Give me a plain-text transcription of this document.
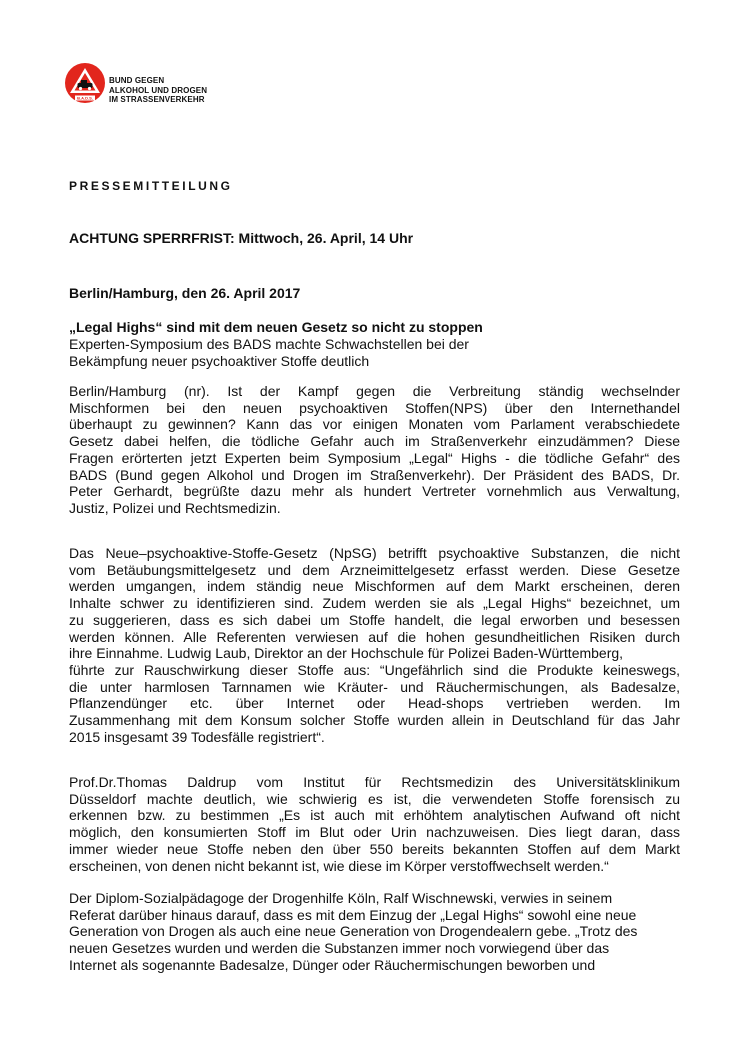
B.A.D.S.
BUND GEGEN
ALKOHOL UND DROGEN
IM STRASSENVERKEHR
PRESSEMITTEILUNG
ACHTUNG SPERRFRIST: Mittwoch, 26. April, 14 Uhr
Berlin/Hamburg, den 26. April 2017
„Legal Highs“ sind mit dem neuen Gesetz so nicht zu stoppen
Experten-Symposium des BADS machte Schwachstellen bei der
Bekämpfung neuer psychoaktiver Stoffe deutlich
Berlin/Hamburg (nr). Ist der Kampf gegen die Verbreitung ständig wechselnder
Mischformen bei den neuen psychoaktiven Stoffen(NPS) über den Internethandel
überhaupt zu gewinnen? Kann das vor einigen Monaten vom Parlament verabschiedete
Gesetz dabei helfen, die tödliche Gefahr auch im Straßenverkehr einzudämmen? Diese
Fragen erörterten jetzt Experten beim Symposium „Legal“ Highs - die tödliche Gefahr“ des
BADS (Bund gegen Alkohol und Drogen im Straßenverkehr). Der Präsident des BADS, Dr.
Peter Gerhardt, begrüßte dazu mehr als hundert Vertreter vornehmlich aus Verwaltung,
Justiz, Polizei und Rechtsmedizin.
Das Neue–psychoaktive-Stoffe-Gesetz (NpSG) betrifft psychoaktive Substanzen, die nicht
vom Betäubungsmittelgesetz und dem Arzneimittelgesetz erfasst werden. Diese Gesetze
werden umgangen, indem ständig neue Mischformen auf dem Markt erscheinen, deren
Inhalte schwer zu identifizieren sind. Zudem werden sie als „Legal Highs“ bezeichnet, um
zu suggerieren, dass es sich dabei um Stoffe handelt, die legal erworben und besessen
werden können. Alle Referenten verwiesen auf die hohen gesundheitlichen Risiken durch
ihre Einnahme. Ludwig Laub, Direktor an der Hochschule für Polizei Baden-Württemberg,
führte zur Rauschwirkung dieser Stoffe aus: “Ungefährlich sind die Produkte keineswegs,
die unter harmlosen Tarnnamen wie Kräuter- und Räuchermischungen, als Badesalze,
Pflanzendünger etc. über Internet oder Head-shops vertrieben werden. Im
Zusammenhang mit dem Konsum solcher Stoffe wurden allein in Deutschland für das Jahr
2015 insgesamt 39 Todesfälle registriert“.
Prof.Dr.Thomas Daldrup vom Institut für Rechtsmedizin des Universitätsklinikum
Düsseldorf machte deutlich, wie schwierig es ist, die verwendeten Stoffe forensisch zu
erkennen bzw. zu bestimmen „Es ist auch mit erhöhtem analytischen Aufwand oft nicht
möglich, den konsumierten Stoff im Blut oder Urin nachzuweisen. Dies liegt daran, dass
immer wieder neue Stoffe neben den über 550 bereits bekannten Stoffen auf dem Markt
erscheinen, von denen nicht bekannt ist, wie diese im Körper verstoffwechselt werden.“
Der Diplom-Sozialpädagoge der Drogenhilfe Köln, Ralf Wischnewski, verwies in seinem
Referat darüber hinaus darauf, dass es mit dem Einzug der „Legal Highs“ sowohl eine neue
Generation von Drogen als auch eine neue Generation von Drogendealern gebe. „Trotz des
neuen Gesetzes wurden und werden die Substanzen immer noch vorwiegend über das
Internet als sogenannte Badesalze, Dünger oder Räuchermischungen beworben und
